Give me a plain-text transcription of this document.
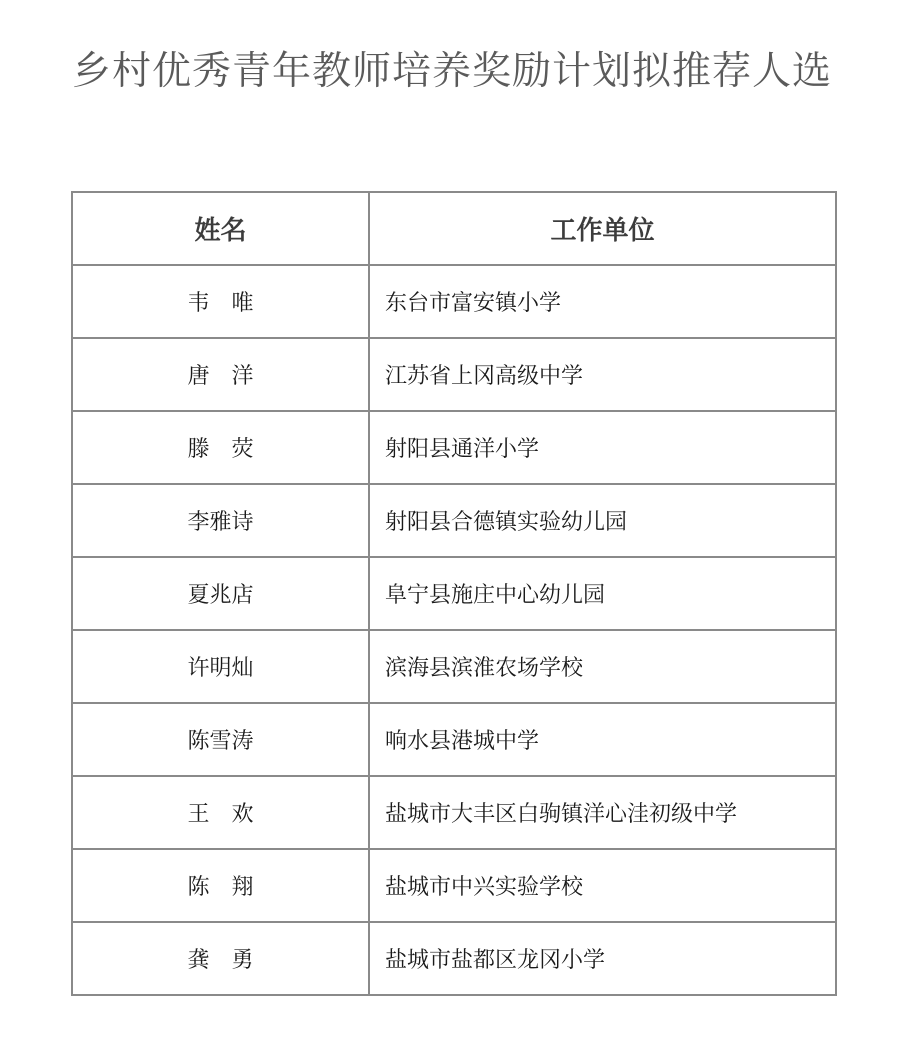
乡村优秀青年教师培养奖励计划拟推荐人选
姓名	工作单位
韦　唯	东台市富安镇小学
唐　洋	江苏省上冈高级中学
滕　荧	射阳县通洋小学
李雅诗	射阳县合德镇实验幼儿园
夏兆店	阜宁县施庄中心幼儿园
许明灿	滨海县滨淮农场学校
陈雪涛	响水县港城中学
王　欢	盐城市大丰区白驹镇洋心洼初级中学
陈　翔	盐城市中兴实验学校
龚　勇	盐城市盐都区龙冈小学
